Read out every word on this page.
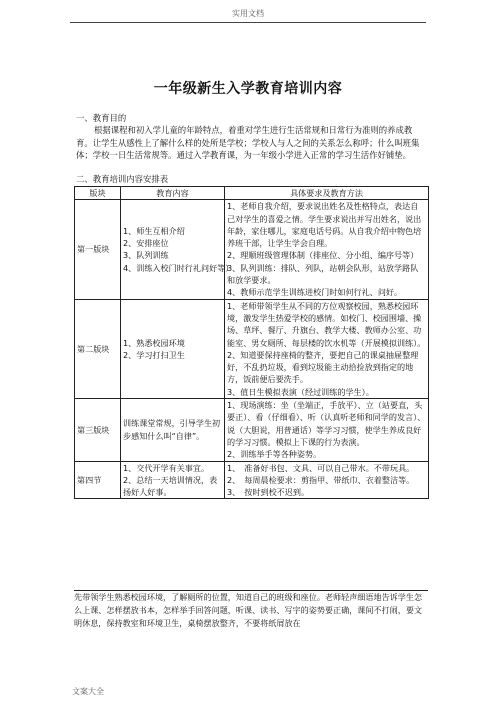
实用文档
一年级新生入学教育培训内容
一、教育目的
根据课程和初入学儿童的年龄特点，着重对学生进行生活常规和日常行为准则的养成教育。让学生从感性上了解什么样的处所是学校；学校人与人之间的关系怎么称呼；什么叫班集体；学校一日生活常规等。通过入学教育课，为一年级小学进入正常的学习生活作好铺垫。
二、教育培训内容安排表
版块	教育内容	具体要求及教育方法
第一版块	1、师生互相介绍
2、安排座位
3、队列训练
4、训练入校门时行礼问好等）	1、老师自我介绍，要求说出姓名及性格特点，表达自己对学生的喜爱之情。学生要求说出并写出姓名，说出年龄，家住哪儿，家庭电话号码。从自我介绍中物色培养班干部，让学生学会自理。
2、理顺班级管理体制（排座位、分小组、编序号等）
3、队列训练：排队、列队，站朝会队形，站放学路队和放学要求。
4、教师示范学生训练进校门时如何行礼、问好。

第二版块	1、熟悉校园环境
2、学习打扫卫生	1、老师带领学生从不同的方位观察校园，熟悉校园环境，激发学生热爱学校的感情。如校门、校园围墙、操场、草坪、餐厅、升旗台、教学大楼、教师办公室、功能室、男女厕所、每层楼的饮水机等（开展模拟训练）。
2、知道要保持座椅的整齐，要把自己的课桌抽屉整理好，不乱扔垃圾，看到垃圾能主动拾捡放到指定的地方，饭前便后要洗手。
3、值日生模拟表演（经过训练的学生）。

第三版块	训练课堂常规，引导学生初步感知什么叫“自律”。	1、现场演练：坐（坐端正，手放平）、立（站要直，头要正）、看（仔细看）、听（认真听老师和同学的发言）、说（大胆说，用普通话）等学习习惯，使学生养成良好的学习习惯。模拟上下课的行为表演。
2、训练举手等各种姿势。

第四节	1、交代开学有关事宜。
2、总结一天培训情况，表扬好人好事。	1、　准备好书包、文具、可以自己带水。不带玩具。
2、　每周晨检要求：剪指甲、带纸巾、衣着整洁等。
3、　按时到校不迟到。
先带领学生熟悉校园环境，了解厕所的位置，知道自己的班级和座位。老师轻声细语地告诉学生怎么上课、怎样摆放书本，怎样举手回答问题，听课、读书、写字的姿势要正确，课间不打闹，要文明休息，保持教室和环境卫生，桌椅摆放整齐，不要将纸屑放在
文案大全
